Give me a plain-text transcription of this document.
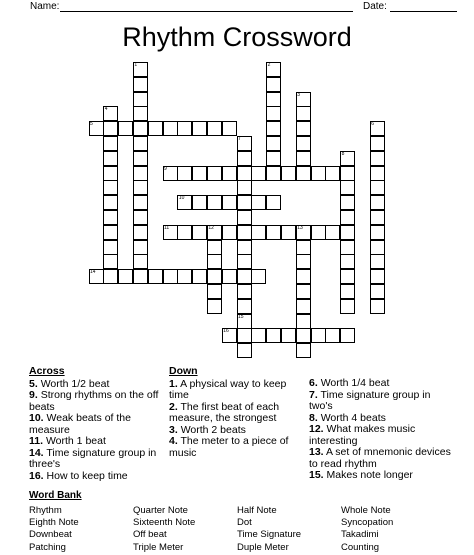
Name:	Date:
Rhythm Crossword
1	2
3
4
5	6
7
8
9
10
11	12	13
14
15
16
Across
5. Worth 1/2 beat
9. Strong rhythms on the off beats
10. Weak beats of the measure
11. Worth 1 beat
14. Time signature group in three's
16. How to keep time
Down
1. A physical way to keep time
2. The first beat of each measure, the strongest
3. Worth 2 beats
4. The meter to a piece of music
6. Worth 1/4 beat
7. Time signature group in two's
8. Worth 4 beats
12. What makes music interesting
13. A set of mnemonic devices to read rhythm
15. Makes note longer
Word Bank
Rhythm	Quarter Note	Half Note	Whole Note
Eighth Note	Sixteenth Note	Dot	Syncopation
Downbeat	Off beat	Time Signature	Takadimi
Patching	Triple Meter	Duple Meter	Counting
